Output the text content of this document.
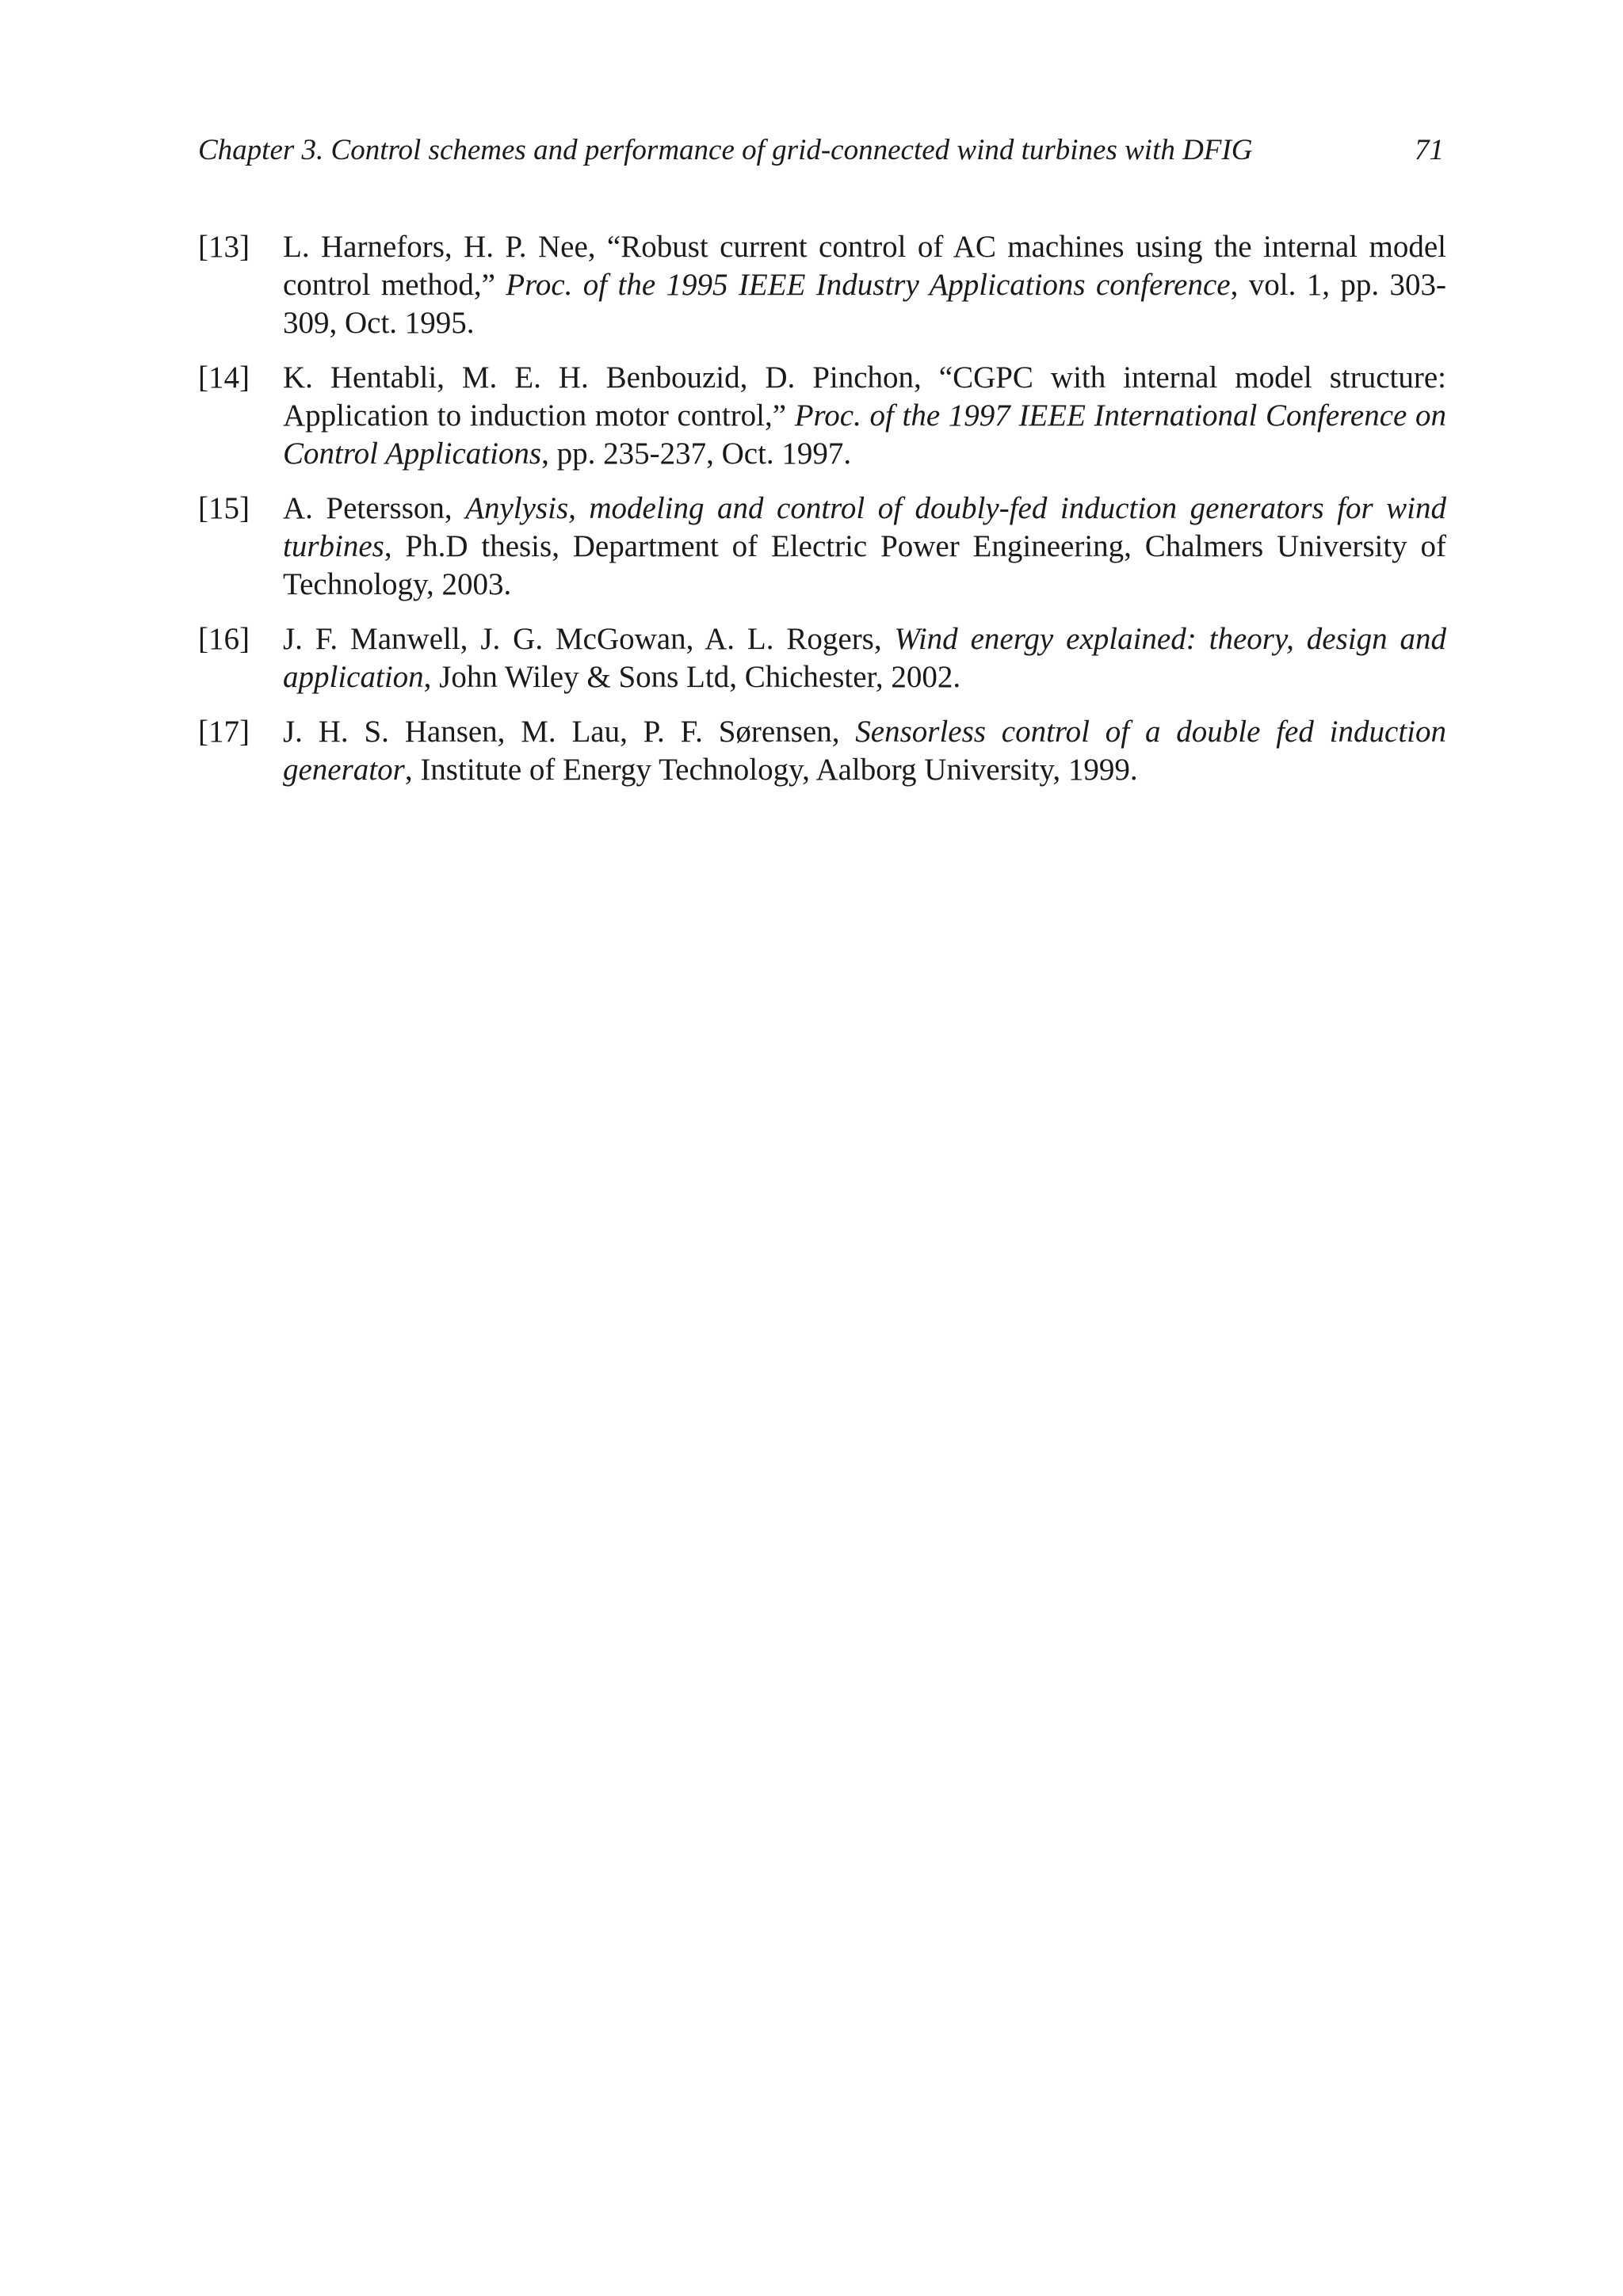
Chapter 3. Control schemes and performance of grid-connected wind turbines with DFIG	71
[13]	L. Harnefors, H. P. Nee, “Robust current control of AC machines using the internal model control method,” Proc. of the 1995 IEEE Industry Applications conference, vol. 1, pp. 303-309, Oct. 1995.
[14]	K. Hentabli, M. E. H. Benbouzid, D. Pinchon, “CGPC with internal model structure: Application to induction motor control,” Proc. of the 1997 IEEE International Conference on Control Applications, pp. 235-237, Oct. 1997.
[15]	A. Petersson, Anylysis, modeling and control of doubly-fed induction generators for wind turbines, Ph.D thesis, Department of Electric Power Engineering, Chalmers University of Technology, 2003.
[16]	J. F. Manwell, J. G. McGowan, A. L. Rogers, Wind energy explained: theory, design and application, John Wiley & Sons Ltd, Chichester, 2002.
[17]	J. H. S. Hansen, M. Lau, P. F. Sørensen, Sensorless control of a double fed induction generator, Institute of Energy Technology, Aalborg University, 1999.
